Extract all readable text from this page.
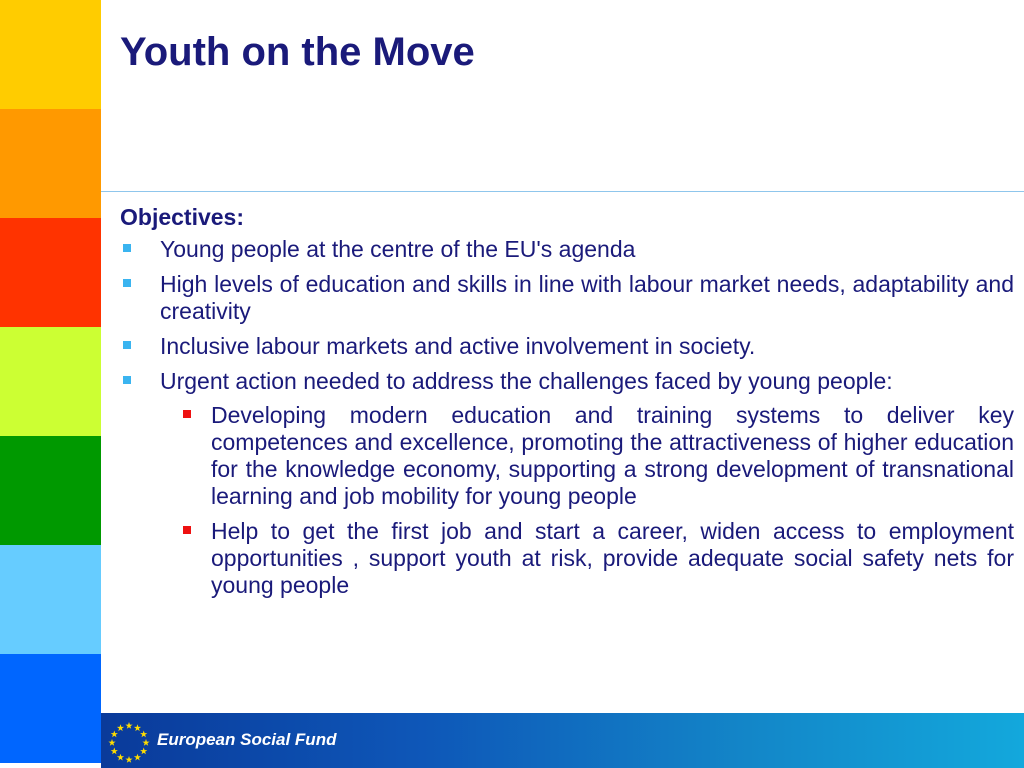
Youth on the Move
Objectives:
Young people at the centre of the EU's agenda
High levels of education and skills in line with labour market needs, adaptability and creativity
Inclusive labour markets and active involvement in society.
Urgent action needed to address the challenges faced by young people:
Developing modern education and training systems to deliver key competences and excellence, promoting the attractiveness of higher education for the knowledge economy, supporting a strong development of transnational learning and job mobility for young people
Help to get the first job and start a career, widen access to employment opportunities , support youth at risk, provide adequate social safety nets for young people
European Social Fund
